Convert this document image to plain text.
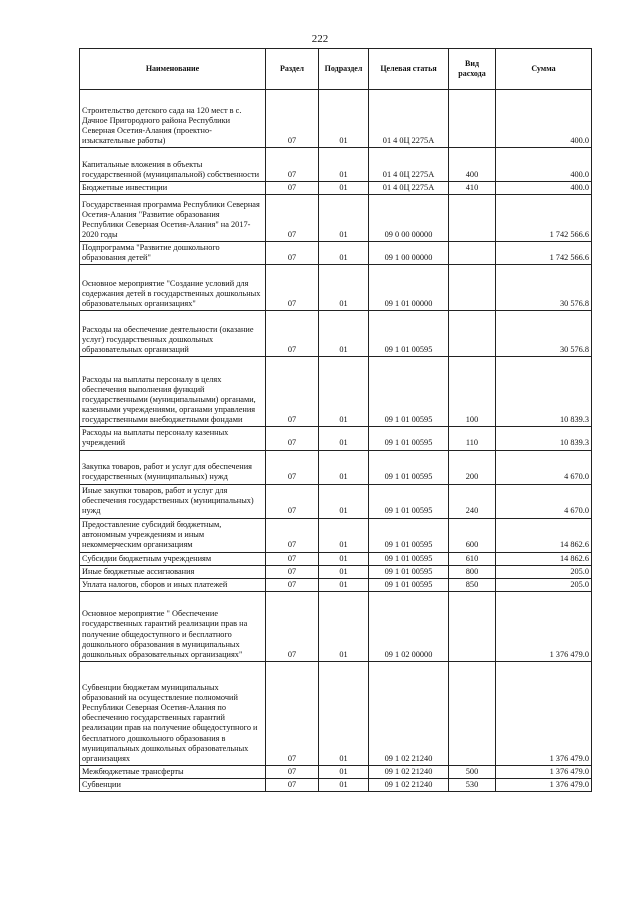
222
Наименование	Раздел	Подраздел	Целевая статья	Вид расхода	Сумма
Строительство детского сада на 120 мест в с. Дачное Пригородного района Республики Северная Осетия-Алания (проектно-изыскательные работы)	07	01	01 4 0Ц 2275А		400.0
Капитальные вложения в объекты государственной (муниципальной) собственности	07	01	01 4 0Ц 2275А	400	400.0
Бюджетные инвестиции	07	01	01 4 0Ц 2275А	410	400.0
Государственная программа Республики Северная Осетия-Алания "Развитие образования Республики Северная Осетия-Алания" на 2017-2020 годы	07	01	09 0 00 00000		1 742 566.6
Подпрограмма "Развитие дошкольного образования детей"	07	01	09 1 00 00000		1 742 566.6
Основное мероприятие "Создание условий для содержания детей в государственных дошкольных образовательных организациях"	07	01	09 1 01 00000		30 576.8
Расходы на обеспечение деятельности (оказание услуг) государственных дошкольных образовательных организаций	07	01	09 1 01 00595		30 576.8
Расходы на выплаты персоналу в целях обеспечения выполнения функций государственными (муниципальными) органами, казенными учреждениями, органами управления государственными внебюджетными фондами	07	01	09 1 01 00595	100	10 839.3
Расходы на выплаты персоналу казенных учреждений	07	01	09 1 01 00595	110	10 839.3
Закупка товаров, работ и услуг для обеспечения государственных (муниципальных) нужд	07	01	09 1 01 00595	200	4 670.0
Иные закупки товаров, работ и услуг для обеспечения государственных (муниципальных) нужд	07	01	09 1 01 00595	240	4 670.0
Предоставление субсидий бюджетным, автономным учреждениям и иным некоммерческим организациям	07	01	09 1 01 00595	600	14 862.6
Субсидии бюджетным учреждениям	07	01	09 1 01 00595	610	14 862.6
Иные бюджетные ассигнования	07	01	09 1 01 00595	800	205.0
Уплата налогов, сборов и иных платежей	07	01	09 1 01 00595	850	205.0
Основное мероприятие " Обеспечение государственных гарантий реализации прав на получение общедоступного и бесплатного дошкольного образования в муниципальных дошкольных образовательных организациях"	07	01	09 1 02 00000		1 376 479.0
Субвенции бюджетам муниципальных образований на осуществление полномочий Республики Северная Осетия-Алания по обеспечению государственных гарантий реализации прав на получение общедоступного и бесплатного дошкольного образования в муниципальных дошкольных образовательных организациях	07	01	09 1 02 21240		1 376 479.0
Межбюджетные трансферты	07	01	09 1 02 21240	500	1 376 479.0
Субвенции	07	01	09 1 02 21240	530	1 376 479.0
